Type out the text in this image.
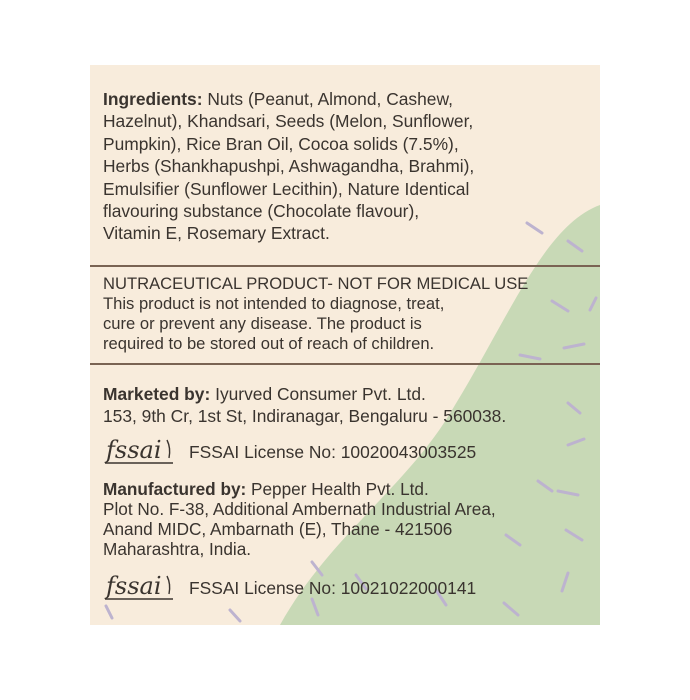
Ingredients: Nuts (Peanut, Almond, Cashew,
Hazelnut), Khandsari, Seeds (Melon, Sunflower,
Pumpkin), Rice Bran Oil, Cocoa solids (7.5%),
Herbs (Shankhapushpi, Ashwagandha, Brahmi),
Emulsifier (Sunflower Lecithin), Nature Identical
flavouring substance (Chocolate flavour),
Vitamin E, Rosemary Extract.
NUTRACEUTICAL PRODUCT- NOT FOR MEDICAL USE
This product is not intended to diagnose, treat,
cure or prevent any disease. The product is
required to be stored out of reach of children.
Marketed by: Iyurved Consumer Pvt. Ltd.
153, 9th Cr, 1st St, Indiranagar, Bengaluru - 560038.
fssai FSSAI License No: 10020043003525
Manufactured by: Pepper Health Pvt. Ltd.
Plot No. F-38, Additional Ambernath Industrial Area,
Anand MIDC, Ambarnath (E), Thane - 421506
Maharashtra, India.
fssai FSSAI License No: 10021022000141
